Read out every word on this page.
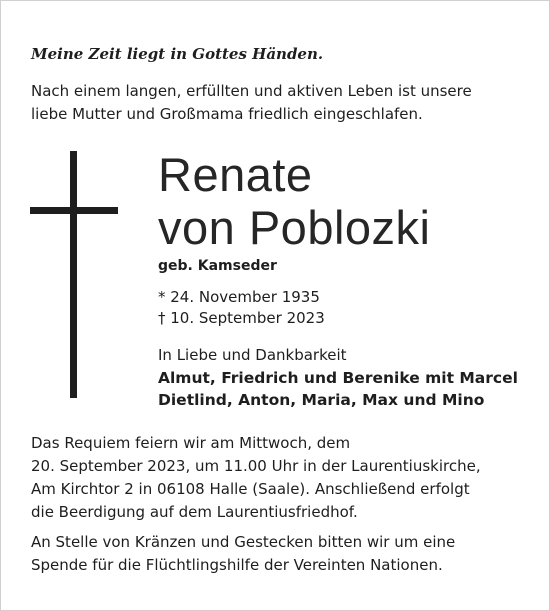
Meine Zeit liegt in Gottes Händen.
Nach einem langen, erfüllten und aktiven Leben ist unsere
liebe Mutter und Großmama friedlich eingeschlafen.
Renate
von Poblozki
geb. Kamseder
* 24. November 1935
† 10. September 2023
In Liebe und Dankbarkeit
Almut, Friedrich und Berenike mit Marcel
Dietlind, Anton, Maria, Max und Mino
Das Requiem feiern wir am Mittwoch, dem
20. September 2023, um 11.00 Uhr in der Laurentiuskirche,
Am Kirchtor 2 in 06108 Halle (Saale). Anschließend erfolgt
die Beerdigung auf dem Laurentiusfriedhof.
An Stelle von Kränzen und Gestecken bitten wir um eine
Spende für die Flüchtlingshilfe der Vereinten Nationen.
